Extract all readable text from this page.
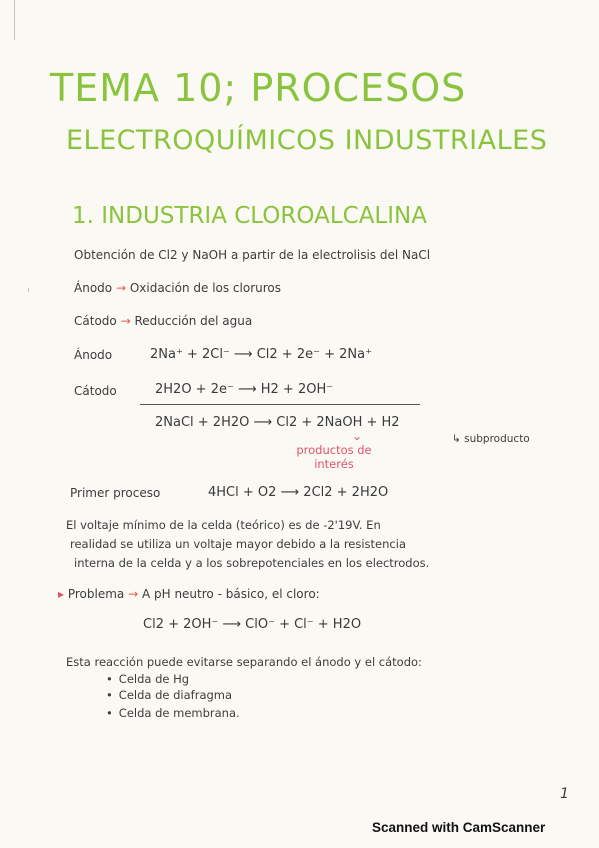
TEMA 10; PROCESOS
ELECTROQUÍMICOS INDUSTRIALES
1. INDUSTRIA CLOROALCALINA
Obtención de Cl2 y NaOH a partir de la electrolisis del NaCl
Ánodo → Oxidación de los cloruros
Cátodo → Reducción del agua
Ánodo	2Na⁺ + 2Cl⁻ ⟶ Cl2 + 2e⁻ + 2Na⁺
Cátodo	2H2O + 2e⁻ ⟶ H2 + 2OH⁻
2NaCl + 2H2O ⟶ Cl2 + 2NaOH + H2
↳ subproducto
⌄
productos de interés
Primer proceso	4HCl + O2 ⟶ 2Cl2 + 2H2O
El voltaje mínimo de la celda (teórico) es de -2'19V. En
realidad se utiliza un voltaje mayor debido a la resistencia
interna de la celda y a los sobrepotenciales en los electrodos.
▸ Problema → A pH neutro - básico, el cloro:
Cl2 + 2OH⁻ ⟶ ClO⁻ + Cl⁻ + H2O
Esta reacción puede evitarse separando el ánodo y el cátodo:
• Celda de Hg
• Celda de diafragma
• Celda de membrana.
1
Scanned with CamScanner
